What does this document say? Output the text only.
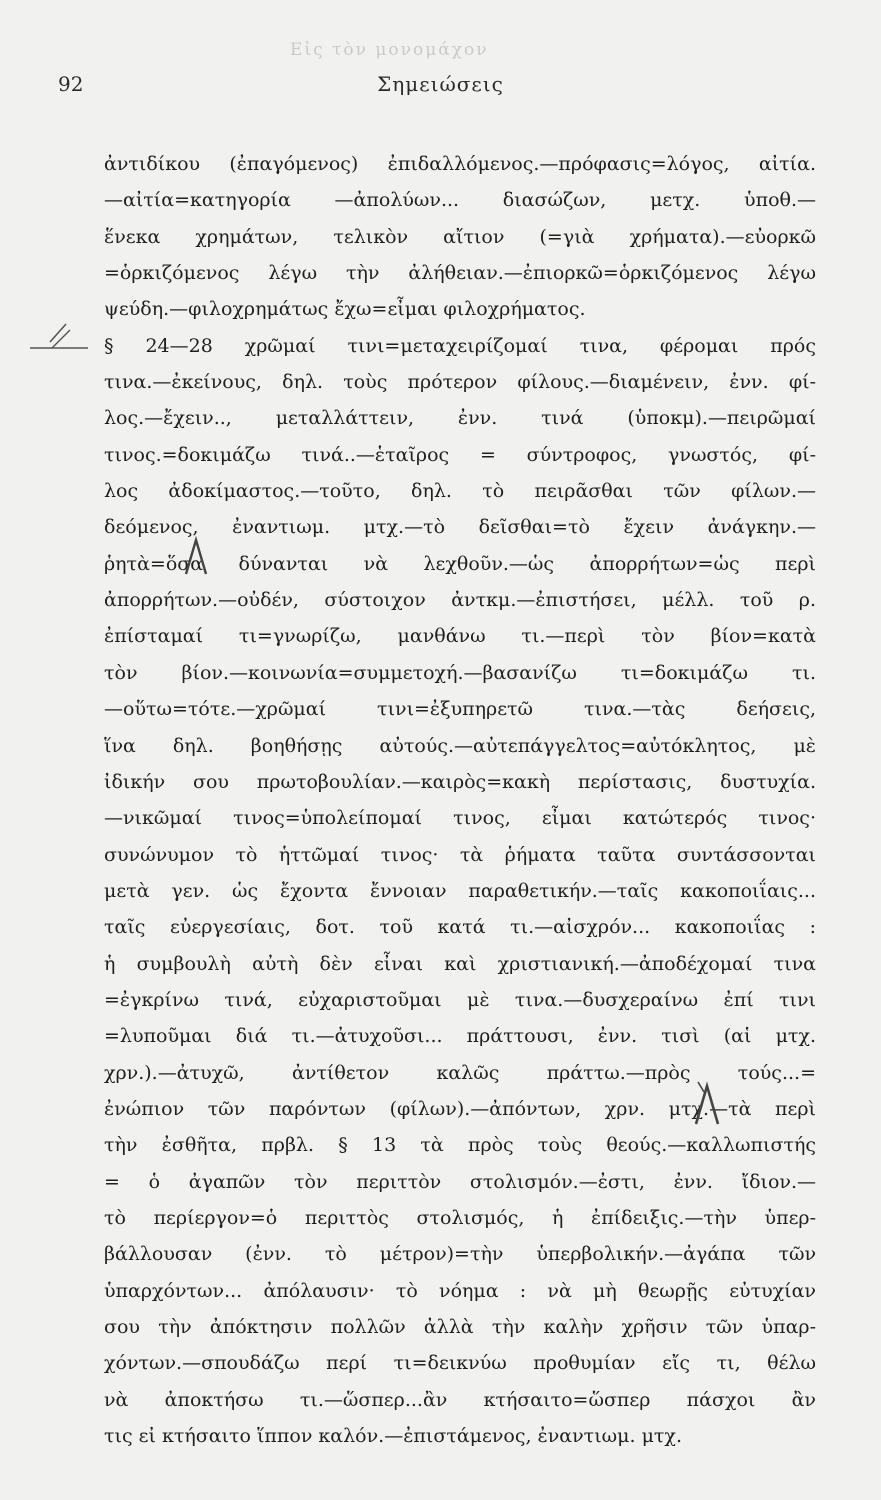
Εἰς τὸν μονομάχον
92	Σημειώσεις
ἀντιδίκου (ἐπαγόμενος) ἐπιδαλλόμενος.—πρόφασις=λόγος, αἰτία.
—αἰτία=κατηγορία —ἀπολύων... διασώζων, μετχ. ὑποθ.—
ἕνεκα χρημάτων, τελικὸν αἴτιον (=γιὰ χρήματα).—εὐορκῶ
=ὁρκιζόμενος λέγω τὴν ἀλήθειαν.—ἐπιορκῶ=ὁρκιζόμενος λέγω
ψεύδη.—φιλοχρημάτως ἔχω=εἶμαι φιλοχρήματος.
§ 24—28 χρῶμαί τινι=μεταχειρίζομαί τινα, φέρομαι πρός
τινα.—ἐκείνους, δηλ. τοὺς πρότερον φίλους.—διαμένειν, ἐνν. φί-
λος.—ἔχειν.., μεταλλάττειν, ἐνν. τινά (ὑποκμ).—πειρῶμαί
τινος.=δοκιμάζω τινά..—ἑταῖρος = σύντροφος, γνωστός, φί-
λος ἀδοκίμαστος.—τοῦτο, δηλ. τὸ πειρᾶσθαι τῶν φίλων.—
δεόμενος, ἐναντιωμ. μτχ.—τὸ δεῖσθαι=τὸ ἔχειν ἀνάγκην.—
ῥητὰ=ὅσα δύνανται νὰ λεχθοῦν.—ὡς ἀπορρήτων=ὡς περὶ
ἀπορρήτων.—οὐδέν, σύστοιχον ἀντκμ.—ἐπιστήσει, μέλλ. τοῦ ρ.
ἐπίσταμαί τι=γνωρίζω, μανθάνω τι.—περὶ τὸν βίον=κατὰ
τὸν βίον.—κοινωνία=συμμετοχή.—βασανίζω τι=δοκιμάζω τι.
—οὕτω=τότε.—χρῶμαί τινι=ἐξυπηρετῶ τινα.—τὰς δεήσεις,
ἵνα δηλ. βοηθήσῃς αὐτούς.—αὐτεπάγγελτος=αὐτόκλητος, μὲ
ἰδικήν σου πρωτοβουλίαν.—καιρὸς=κακὴ περίστασις, δυστυχία.
—νικῶμαί τινος=ὑπολείπομαί τινος, εἶμαι κατώτερός τινος·
συνώνυμον τὸ ἡττῶμαί τινος· τὰ ῥήματα ταῦτα συντάσσονται
μετὰ γεν. ὡς ἔχοντα ἔννοιαν παραθετικήν.—ταῖς κακοποιΐαις...
ταῖς εὐεργεσίαις, δοτ. τοῦ κατά τι.—αἰσχρόν... κακοποιΐας :
ἡ συμβουλὴ αὐτὴ δὲν εἶναι καὶ χριστιανική.—ἀποδέχομαί τινα
=ἐγκρίνω τινά, εὐχαριστοῦμαι μὲ τινα.—δυσχεραίνω ἐπί τινι
=λυποῦμαι διά τι.—ἀτυχοῦσι... πράττουσι, ἐνν. τισὶ (αἱ μτχ.
χρν.).—ἀτυχῶ, ἀντίθετον καλῶς πράττω.—πρὸς τούς...=
ἐνώπιον τῶν παρόντων (φίλων).—ἀπόντων, χρν. μτχ.—τὰ περὶ
τὴν ἐσθῆτα, πρβλ. § 13 τὰ πρὸς τοὺς θεούς.—καλλωπιστής
= ὁ ἀγαπῶν τὸν περιττὸν στολισμόν.—ἐστι, ἐνν. ἴδιον.—
τὸ περίεργον=ὁ περιττὸς στολισμός, ἡ ἐπίδειξις.—τὴν ὑπερ-
βάλλουσαν (ἐνν. τὸ μέτρον)=τὴν ὑπερβολικήν.—ἀγάπα τῶν
ὑπαρχόντων... ἀπόλαυσιν· τὸ νόημα : νὰ μὴ θεωρῇς εὐτυχίαν
σου τὴν ἀπόκτησιν πολλῶν ἀλλὰ τὴν καλὴν χρῆσιν τῶν ὑπαρ-
χόντων.—σπουδάζω περί τι=δεικνύω προθυμίαν εἴς τι, θέλω
νὰ ἀποκτήσω τι.—ὥσπερ...ἂν κτήσαιτο=ὥσπερ πάσχοι ἂν
τις εἰ κτήσαιτο ἵππον καλόν.—ἐπιστάμενος, ἐναντιωμ. μτχ.
